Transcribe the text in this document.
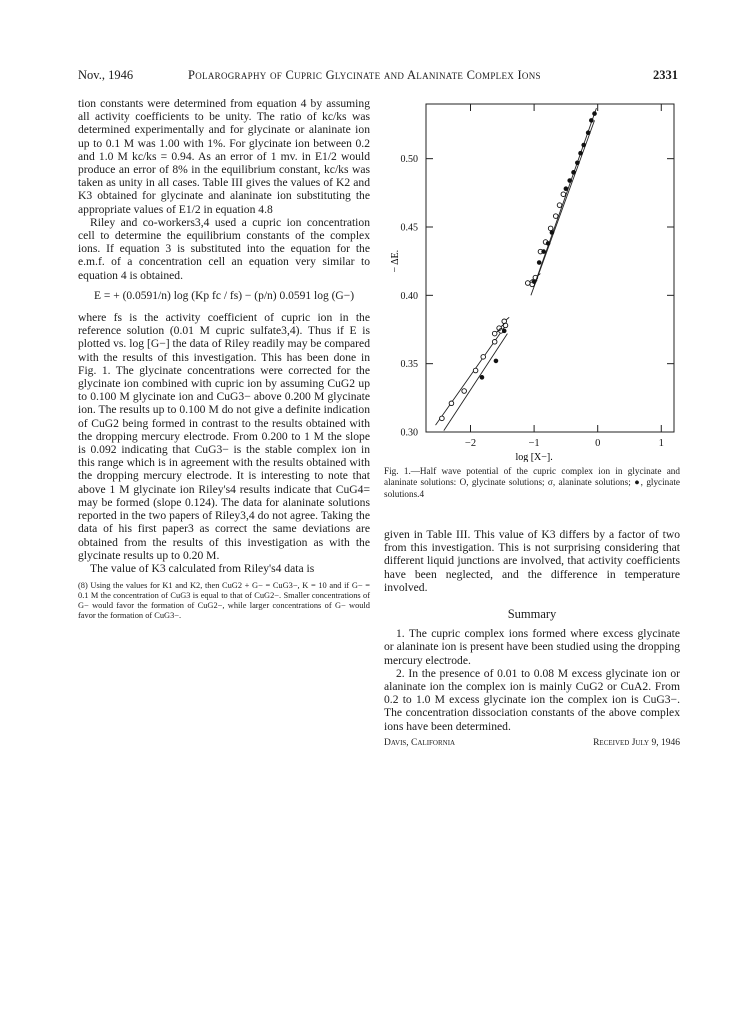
Nov., 1946	Polarography of Cupric Glycinate and Alaninate Complex Ions	2331

tion constants were determined from equation 4 by assuming all activity coefficients to be unity. The ratio of kc/ks was determined experimentally and for glycinate or alaninate ion up to 0.1 M was 1.00 with 1%. For glycinate ion between 0.2 and 1.0 M kc/ks = 0.94. As an error of 1 mv. in E1/2 would produce an error of 8% in the equilibrium constant, kc/ks was taken as unity in all cases. Table III gives the values of K2 and K3 obtained for glycinate and alaninate ion substituting the appropriate values of E1/2 in equation 4.8

Riley and co-workers3,4 used a cupric ion concentration cell to determine the equilibrium constants of the complex ions. If equation 3 is substituted into the equation for the e.m.f. of a concentration cell an equation very similar to equation 4 is obtained.

E = + (0.0591/n) log (Kp fc / fs) − (p/n) 0.0591 log (G−)

where fs is the activity coefficient of cupric ion in the reference solution (0.01 M cupric sulfate3,4). Thus if E is plotted vs. log [G−] the data of Riley readily may be compared with the results of this investigation. This has been done in Fig. 1. The glycinate concentrations were corrected for the glycinate ion combined with cupric ion by assuming CuG2 up to 0.100 M glycinate ion and CuG3− above 0.200 M glycinate ion. The results up to 0.100 M do not give a definite indication of CuG2 being formed in contrast to the results obtained with the dropping mercury electrode. From 0.200 to 1 M the slope is 0.092 indicating that CuG3− is the stable complex ion in this range which is in agreement with the results obtained with the dropping mercury electrode. It is interesting to note that above 1 M glycinate ion Riley's4 results indicate that CuG4= may be formed (slope 0.124). The data for alaninate solutions reported in the two papers of Riley3,4 do not agree. Taking the data of his first paper3 as correct the same deviations are obtained from the results of this investigation as with the glycinate results up to 0.20 M.

The value of K3 calculated from Riley's4 data is

(8) Using the values for K1 and K2, then CuG2 + G− = CuG3−, K = 10 and if G− = 0.1 M the concentration of CuG3 is equal to that of CuG2−. Smaller concentrations of G− would favor the formation of CuG2−, while larger concentrations of G− would favor the formation of CuG3−.
−2	−1	0	1
0.30
0.35
0.40
0.45
0.50
− ΔE.
log [X−].
Fig. 1.—Half wave potential of the cupric complex ion in glycinate and alaninate solutions: O, glycinate solutions; σ, alaninate solutions; ●, glycinate solutions.4

given in Table III. This value of K3 differs by a factor of two from this investigation. This is not surprising considering that different liquid junctions are involved, that activity coefficients have been neglected, and the difference in temperature involved.

Summary

1. The cupric complex ions formed where excess glycinate or alaninate ion is present have been studied using the dropping mercury electrode.

2. In the presence of 0.01 to 0.08 M excess glycinate ion or alaninate ion the complex ion is mainly CuG2 or CuA2. From 0.2 to 1.0 M excess glycinate ion the complex ion is CuG3−. The concentration dissociation constants of the above complex ions have been determined.

Davis, California	Received July 9, 1946
